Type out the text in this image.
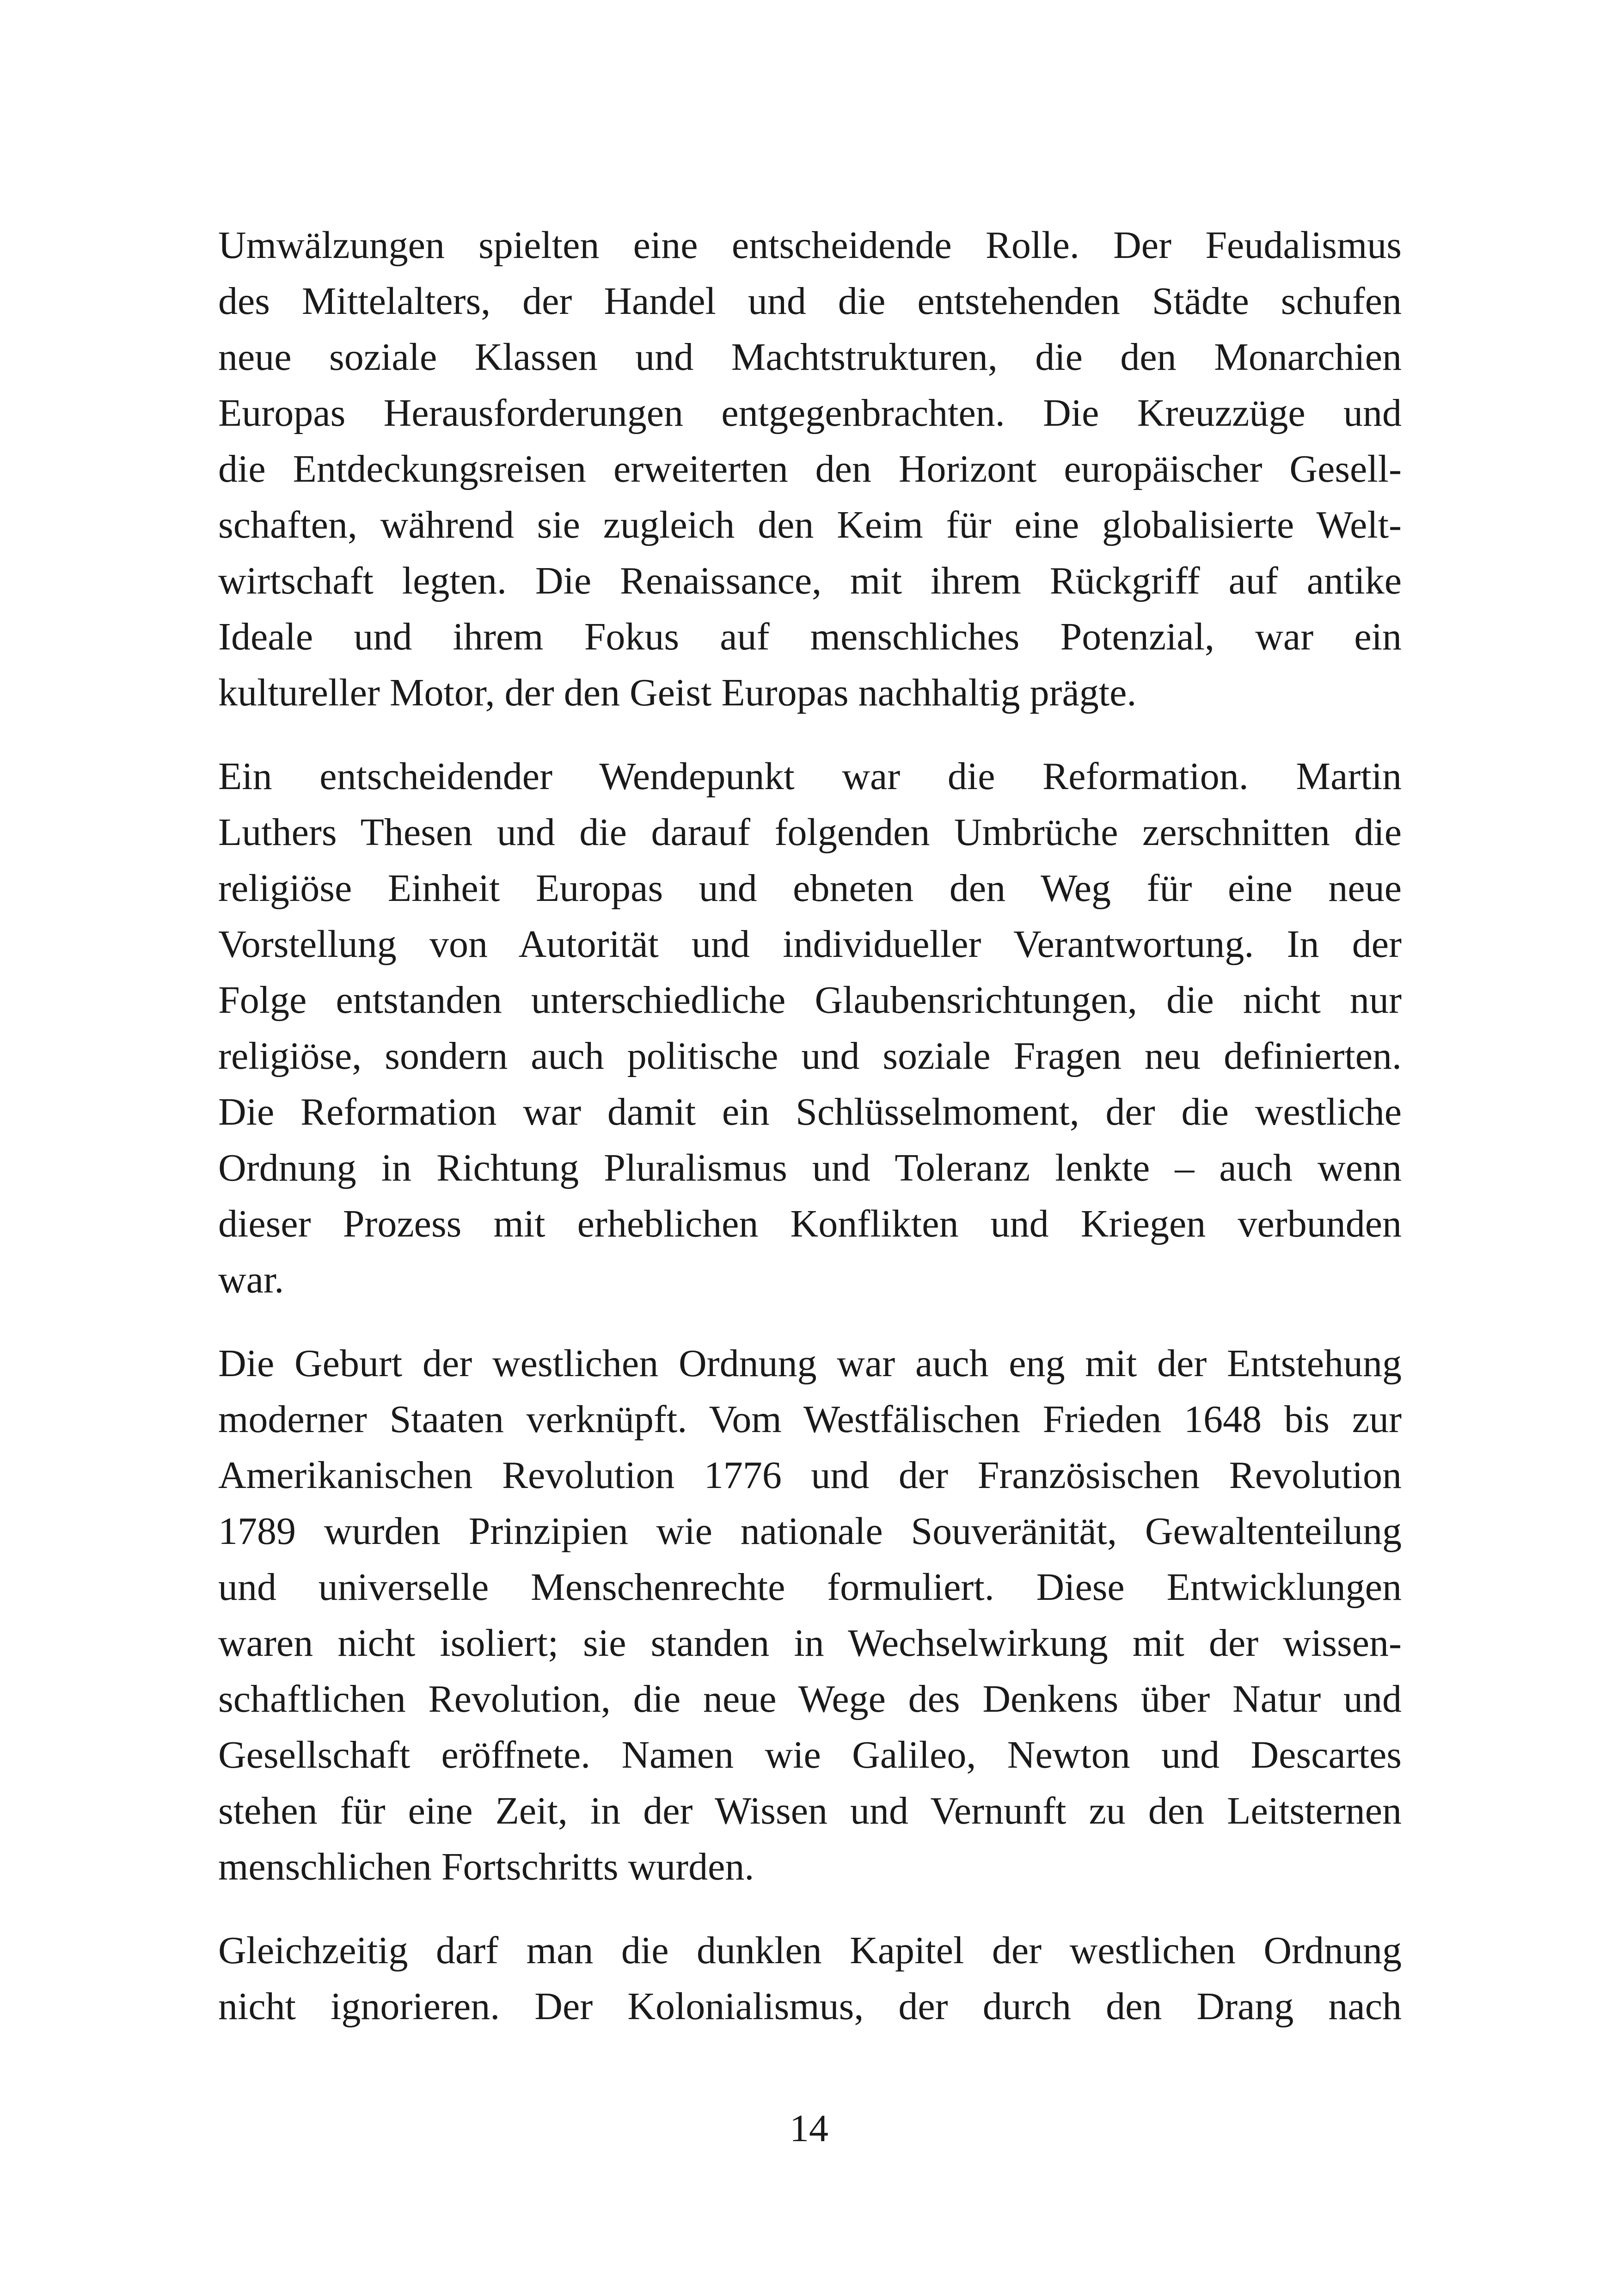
Umwälzungen spielten eine entscheidende Rolle. Der Feudalismus
des Mittelalters, der Handel und die entstehenden Städte schufen
neue soziale Klassen und Machtstrukturen, die den Monarchien
Europas Herausforderungen entgegenbrachten. Die Kreuzzüge und
die Entdeckungsreisen erweiterten den Horizont europäischer Gesell-
schaften, während sie zugleich den Keim für eine globalisierte Welt-
wirtschaft legten. Die Renaissance, mit ihrem Rückgriff auf antike
Ideale und ihrem Fokus auf menschliches Potenzial, war ein
kultureller Motor, der den Geist Europas nachhaltig prägte.
Ein entscheidender Wendepunkt war die Reformation. Martin
Luthers Thesen und die darauf folgenden Umbrüche zerschnitten die
religiöse Einheit Europas und ebneten den Weg für eine neue
Vorstellung von Autorität und individueller Verantwortung. In der
Folge entstanden unterschiedliche Glaubensrichtungen, die nicht nur
religiöse, sondern auch politische und soziale Fragen neu definierten.
Die Reformation war damit ein Schlüsselmoment, der die westliche
Ordnung in Richtung Pluralismus und Toleranz lenkte – auch wenn
dieser Prozess mit erheblichen Konflikten und Kriegen verbunden
war.
Die Geburt der westlichen Ordnung war auch eng mit der Entstehung
moderner Staaten verknüpft. Vom Westfälischen Frieden 1648 bis zur
Amerikanischen Revolution 1776 und der Französischen Revolution
1789 wurden Prinzipien wie nationale Souveränität, Gewaltenteilung
und universelle Menschenrechte formuliert. Diese Entwicklungen
waren nicht isoliert; sie standen in Wechselwirkung mit der wissen-
schaftlichen Revolution, die neue Wege des Denkens über Natur und
Gesellschaft eröffnete. Namen wie Galileo, Newton und Descartes
stehen für eine Zeit, in der Wissen und Vernunft zu den Leitsternen
menschlichen Fortschritts wurden.
Gleichzeitig darf man die dunklen Kapitel der westlichen Ordnung
nicht ignorieren. Der Kolonialismus, der durch den Drang nach
14
